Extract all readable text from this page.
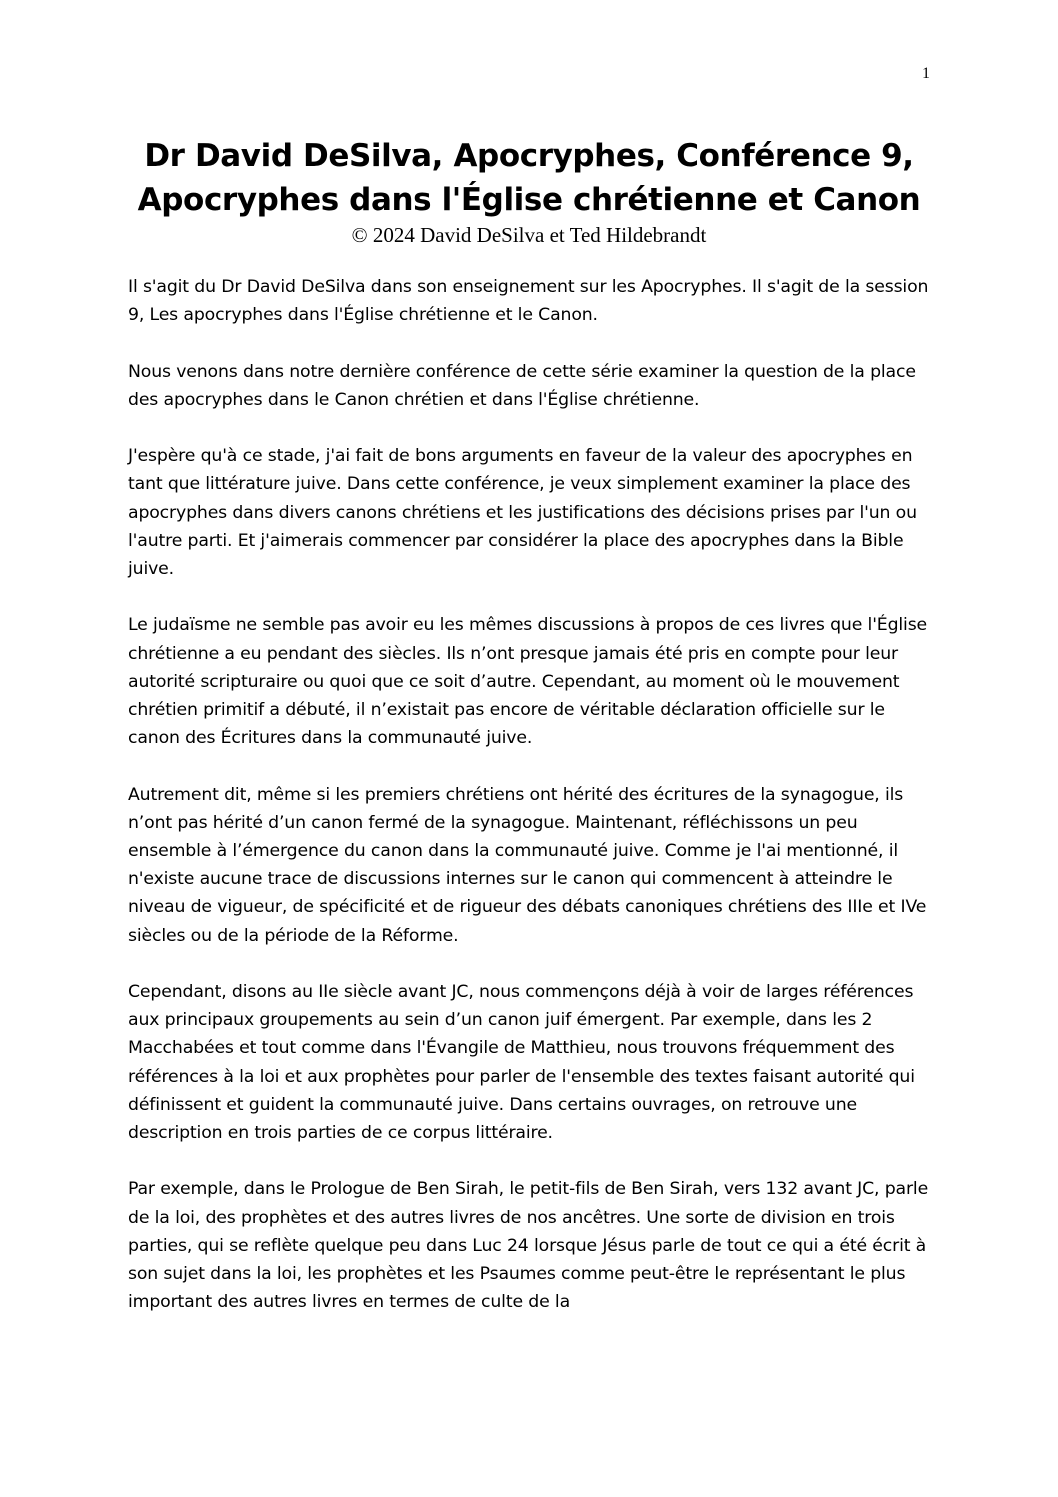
1
Dr David DeSilva, Apocryphes, Conférence 9,
Apocryphes dans l'Église chrétienne et Canon
© 2024 David DeSilva et Ted Hildebrandt

Il s'agit du Dr David DeSilva dans son enseignement sur les Apocryphes. Il s'agit de la session 9, Les apocryphes dans l'Église chrétienne et le Canon.

Nous venons dans notre dernière conférence de cette série examiner la question de la place des apocryphes dans le Canon chrétien et dans l'Église chrétienne.

J'espère qu'à ce stade, j'ai fait de bons arguments en faveur de la valeur des apocryphes en tant que littérature juive. Dans cette conférence, je veux simplement examiner la place des apocryphes dans divers canons chrétiens et les justifications des décisions prises par l'un ou l'autre parti. Et j'aimerais commencer par considérer la place des apocryphes dans la Bible juive.

Le judaïsme ne semble pas avoir eu les mêmes discussions à propos de ces livres que l'Église chrétienne a eu pendant des siècles. Ils n’ont presque jamais été pris en compte pour leur autorité scripturaire ou quoi que ce soit d’autre. Cependant, au moment où le mouvement chrétien primitif a débuté, il n’existait pas encore de véritable déclaration officielle sur le canon des Écritures dans la communauté juive.

Autrement dit, même si les premiers chrétiens ont hérité des écritures de la synagogue, ils n’ont pas hérité d’un canon fermé de la synagogue. Maintenant, réfléchissons un peu ensemble à l’émergence du canon dans la communauté juive. Comme je l'ai mentionné, il n'existe aucune trace de discussions internes sur le canon qui commencent à atteindre le niveau de vigueur, de spécificité et de rigueur des débats canoniques chrétiens des IIIe et IVe siècles ou de la période de la Réforme.

Cependant, disons au IIe siècle avant JC, nous commençons déjà à voir de larges références aux principaux groupements au sein d’un canon juif émergent. Par exemple, dans les 2 Macchabées et tout comme dans l'Évangile de Matthieu, nous trouvons fréquemment des références à la loi et aux prophètes pour parler de l'ensemble des textes faisant autorité qui définissent et guident la communauté juive. Dans certains ouvrages, on retrouve une description en trois parties de ce corpus littéraire.

Par exemple, dans le Prologue de Ben Sirah, le petit-fils de Ben Sirah, vers 132 avant JC, parle de la loi, des prophètes et des autres livres de nos ancêtres. Une sorte de division en trois parties, qui se reflète quelque peu dans Luc 24 lorsque Jésus parle de tout ce qui a été écrit à son sujet dans la loi, les prophètes et les Psaumes comme peut-être le représentant le plus important des autres livres en termes de culte de la
